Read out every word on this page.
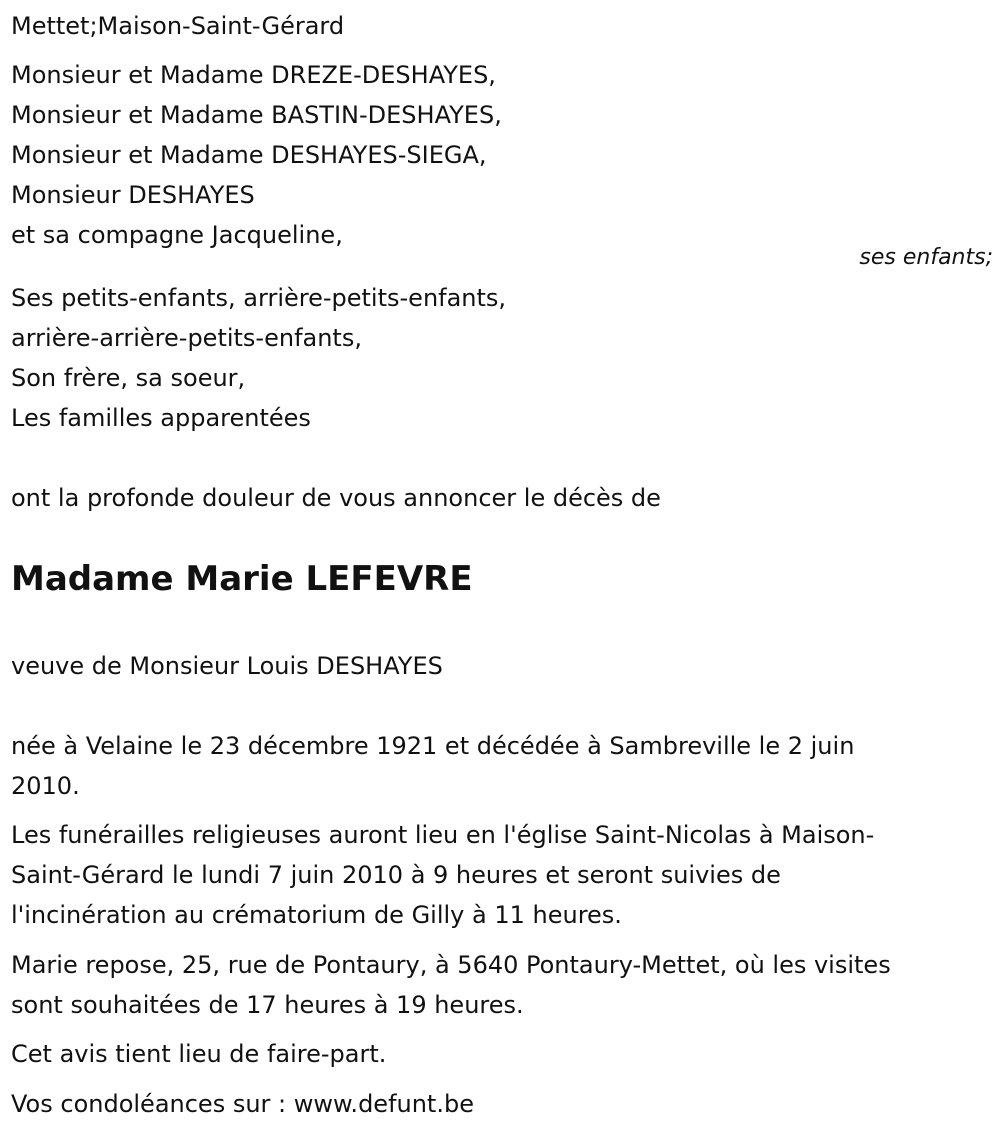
Mettet;Maison-Saint-Gérard
Monsieur et Madame DREZE-DESHAYES,
Monsieur et Madame BASTIN-DESHAYES,
Monsieur et Madame DESHAYES-SIEGA,
Monsieur DESHAYES
et sa compagne Jacqueline,
ses enfants;
Ses petits-enfants, arrière-petits-enfants,
arrière-arrière-petits-enfants,
Son frère, sa soeur,
Les familles apparentées
ont la profonde douleur de vous annoncer le décès de
Madame Marie LEFEVRE
veuve de Monsieur Louis DESHAYES
née à Velaine le 23 décembre 1921 et décédée à Sambreville le 2 juin
2010.
Les funérailles religieuses auront lieu en l'église Saint-Nicolas à Maison-
Saint-Gérard le lundi 7 juin 2010 à 9 heures et seront suivies de
l'incinération au crématorium de Gilly à 11 heures.
Marie repose, 25, rue de Pontaury, à 5640 Pontaury-Mettet, où les visites
sont souhaitées de 17 heures à 19 heures.
Cet avis tient lieu de faire-part.
Vos condoléances sur : www.defunt.be
